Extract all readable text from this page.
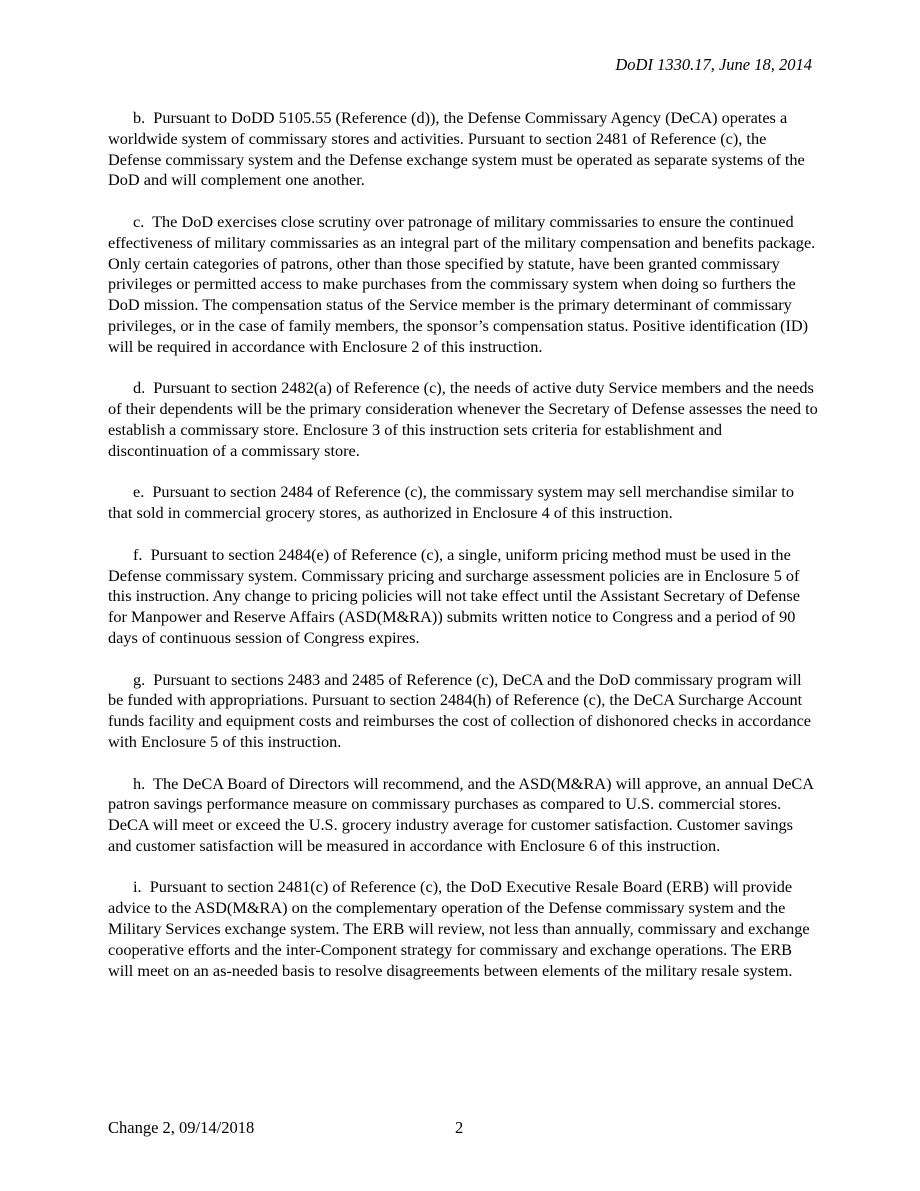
DoDI 1330.17, June 18, 2014

b. Pursuant to DoDD 5105.55 (Reference (d)), the Defense Commissary Agency (DeCA) operates a worldwide system of commissary stores and activities. Pursuant to section 2481 of Reference (c), the Defense commissary system and the Defense exchange system must be operated as separate systems of the DoD and will complement one another.

c. The DoD exercises close scrutiny over patronage of military commissaries to ensure the continued effectiveness of military commissaries as an integral part of the military compensation and benefits package. Only certain categories of patrons, other than those specified by statute, have been granted commissary privileges or permitted access to make purchases from the commissary system when doing so furthers the DoD mission. The compensation status of the Service member is the primary determinant of commissary privileges, or in the case of family members, the sponsor’s compensation status. Positive identification (ID) will be required in accordance with Enclosure 2 of this instruction.

d. Pursuant to section 2482(a) of Reference (c), the needs of active duty Service members and the needs of their dependents will be the primary consideration whenever the Secretary of Defense assesses the need to establish a commissary store. Enclosure 3 of this instruction sets criteria for establishment and discontinuation of a commissary store.

e. Pursuant to section 2484 of Reference (c), the commissary system may sell merchandise similar to that sold in commercial grocery stores, as authorized in Enclosure 4 of this instruction.

f. Pursuant to section 2484(e) of Reference (c), a single, uniform pricing method must be used in the Defense commissary system. Commissary pricing and surcharge assessment policies are in Enclosure 5 of this instruction. Any change to pricing policies will not take effect until the Assistant Secretary of Defense for Manpower and Reserve Affairs (ASD(M&RA)) submits written notice to Congress and a period of 90 days of continuous session of Congress expires.

g. Pursuant to sections 2483 and 2485 of Reference (c), DeCA and the DoD commissary program will be funded with appropriations. Pursuant to section 2484(h) of Reference (c), the DeCA Surcharge Account funds facility and equipment costs and reimburses the cost of collection of dishonored checks in accordance with Enclosure 5 of this instruction.

h. The DeCA Board of Directors will recommend, and the ASD(M&RA) will approve, an annual DeCA patron savings performance measure on commissary purchases as compared to U.S. commercial stores. DeCA will meet or exceed the U.S. grocery industry average for customer satisfaction. Customer savings and customer satisfaction will be measured in accordance with Enclosure 6 of this instruction.

i. Pursuant to section 2481(c) of Reference (c), the DoD Executive Resale Board (ERB) will provide advice to the ASD(M&RA) on the complementary operation of the Defense commissary system and the Military Services exchange system. The ERB will review, not less than annually, commissary and exchange cooperative efforts and the inter-Component strategy for commissary and exchange operations. The ERB will meet on an as-needed basis to resolve disagreements between elements of the military resale system.

Change 2, 09/14/2018	2
